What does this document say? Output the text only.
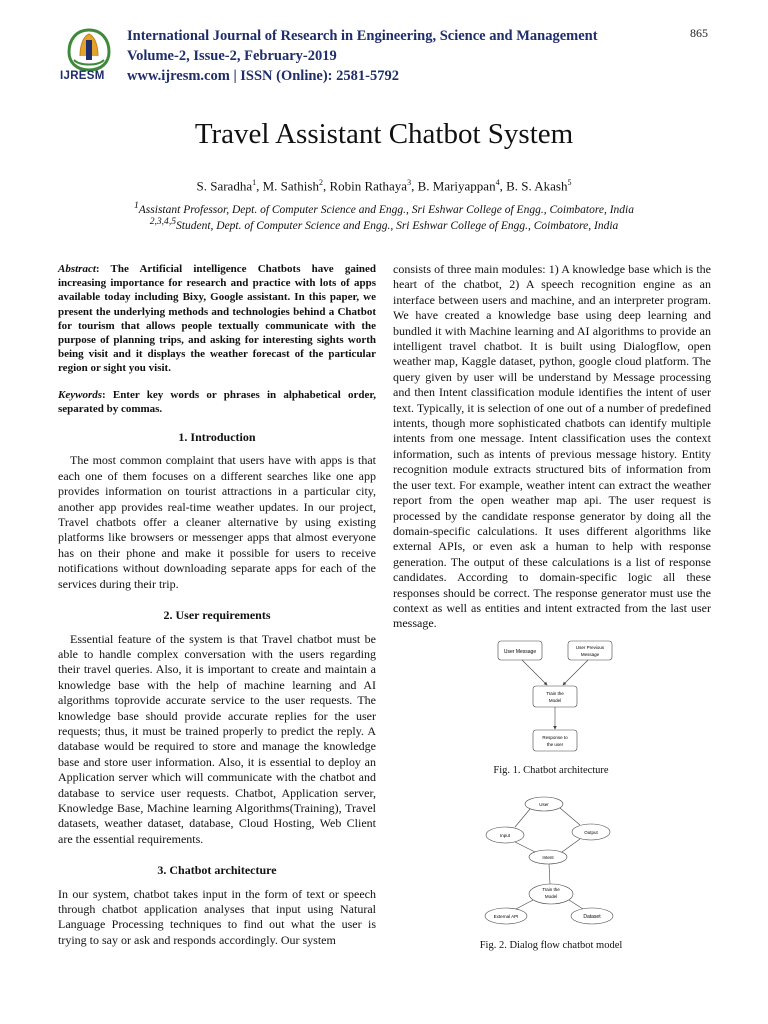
IJRESM
International Journal of Research in Engineering, Science and Management
Volume-2, Issue-2, February-2019
www.ijresm.com | ISSN (Online): 2581-5792
865
Travel Assistant Chatbot System
S. Saradha$^1$, M. Sathish$^2$, Robin Rathaya$^3$, B. Mariyappan$^4$, B. S. Akash$^5$
$^1$Assistant Professor, Dept. of Computer Science and Engg., Sri Eshwar College of Engg., Coimbatore, India
$^{2,3,4,5}$Student, Dept. of Computer Science and Engg., Sri Eshwar College of Engg., Coimbatore, India

Abstract: The Artificial intelligence Chatbots have gained increasing importance for research and practice with lots of apps available today including Bixy, Google assistant. In this paper, we present the underlying methods and technologies behind a Chatbot for tourism that allows people textually communicate with the purpose of planning trips, and asking for interesting sights worth being visit and it displays the weather forecast of the particular region or sight you visit.

Keywords: Enter key words or phrases in alphabetical order, separated by commas.

1. Introduction

The most common complaint that users have with apps is that each one of them focuses on a different searches like one app provides information on tourist attractions in a particular city, another app provides real-time weather updates. In our project, Travel chatbots offer a cleaner alternative by using existing platforms like browsers or messenger apps that almost everyone has on their phone and make it possible for users to receive notifications without downloading separate apps for each of the services during their trip.

2. User requirements

Essential feature of the system is that Travel chatbot must be able to handle complex conversation with the users regarding their travel queries. Also, it is important to create and maintain a knowledge base with the help of machine learning and AI algorithms toprovide accurate service to the user requests. The knowledge base should provide accurate replies for the user requests; thus, it must be trained properly to predict the reply. A database would be required to store and manage the knowledge base and store user information. Also, it is essential to deploy an Application server which will communicate with the chatbot and database to service user requests. Chatbot, Application server, Knowledge Base, Machine learning Algorithms(Training), Travel datasets, weather dataset, database, Cloud Hosting, Web Client are the essential requirements.

3. Chatbot architecture

In our system, chatbot takes input in the form of text or speech through chatbot application analyses that input using Natural Language Processing techniques to find out what the user is trying to say or ask and responds accordingly. Our system

consists of three main modules: 1) A knowledge base which is the heart of the chatbot, 2) A speech recognition engine as an interface between users and machine, and an interpreter program. We have created a knowledge base using deep learning and bundled it with Machine learning and AI algorithms to provide an intelligent travel chatbot. It is built using Dialogflow, open weather map, Kaggle dataset, python, google cloud platform. The query given by user will be understand by Message processing and then Intent classification module identifies the intent of user text. Typically, it is selection of one out of a number of predefined intents, though more sophisticated chatbots can identify multiple intents from one message. Intent classification uses the context information, such as intents of previous message history. Entity recognition module extracts structured bits of information from the user text. For example, weather intent can extract the weather report from the open weather map api. The user request is processed by the candidate response generator by doing all the domain-specific calculations. It uses different algorithms like external APIs, or even ask a human to help with response generation. The output of these calculations is a list of response candidates. According to domain-specific logic all these responses should be correct. The response generator must use the context as well as entities and intent extracted from the last user message.

User Message
User Previous
Message
Train the
Model
Response to
the user
Fig. 1. Chatbot architecture
User
Input
Output
Intent
Train the
Model
External API	Dataset
Fig. 2. Dialog flow chatbot model
